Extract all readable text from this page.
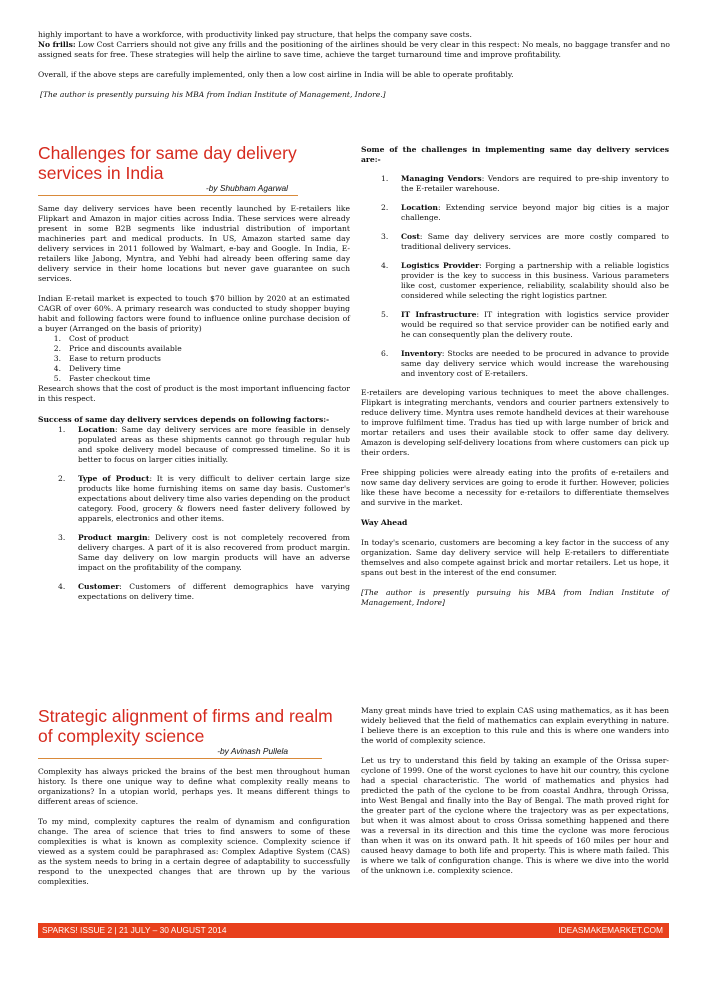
highly important to have a workforce, with productivity linked pay structure, that helps the company save costs.

No frills: Low Cost Carriers should not give any frills and the positioning of the airlines should be very clear in this respect: No meals, no baggage transfer and no assigned seats for free. These strategies will help the airline to save time, achieve the target turnaround time and improve profitability.

Overall, if the above steps are carefully implemented, only then a low cost airline in India will be able to operate profitably.

[The author is presently pursuing his MBA from Indian Institute of Management, Indore.]

Challenges for same day delivery services in India

-by Shubham Agarwal

Same day delivery services have been recently launched by E-retailers like Flipkart and Amazon in major cities across India. These services were already present in some B2B segments like industrial distribution of important machineries part and medical products. In US, Amazon started same day delivery services in 2011 followed by Walmart, e-bay and Google. In India, E-retailers like Jabong, Myntra, and Yebhi had already been offering same day delivery service in their home locations but never gave guarantee on such services.

Indian E-retail market is expected to touch $70 billion by 2020 at an estimated CAGR of over 60%. A primary research was conducted to study shopper buying habit and following factors were found to influence online purchase decision of a buyer (Arranged on the basis of priority)

1.	Cost of product
2.	Price and discounts available
3.	Ease to return products
4.	Delivery time
5.	Faster checkout time

Research shows that the cost of product is the most important influencing factor in this respect.

Success of same day delivery services depends on following factors:-

1.	Location: Same day delivery services are more feasible in densely populated areas as these shipments cannot go through regular hub and spoke delivery model because of compressed timeline. So it is better to focus on larger cities initially.
2.	Type of Product: It is very difficult to deliver certain large size products like home furnishing items on same day basis. Customer's expectations about delivery time also varies depending on the product category. Food, grocery & flowers need faster delivery followed by apparels, electronics and other items.
3.	Product margin: Delivery cost is not completely recovered from delivery charges. A part of it is also recovered from product margin. Same day delivery on low margin products will have an adverse impact on the profitability of the company.
4.	Customer: Customers of different demographics have varying expectations on delivery time.

Some of the challenges in implementing same day delivery services are:-

1.	Managing Vendors: Vendors are required to pre-ship inventory to the E-retailer warehouse.
2.	Location: Extending service beyond major big cities is a major challenge.
3.	Cost: Same day delivery services are more costly compared to traditional delivery services.
4.	Logistics Provider: Forging a partnership with a reliable logistics provider is the key to success in this business. Various parameters like cost, customer experience, reliability, scalability should also be considered while selecting the right logistics partner.
5.	IT Infrastructure: IT integration with logistics service provider would be required so that service provider can be notified early and he can consequently plan the delivery route.
6.	Inventory: Stocks are needed to be procured in advance to provide same day delivery service which would increase the warehousing and inventory cost of E-retailers.

E-retailers are developing various techniques to meet the above challenges. Flipkart is integrating merchants, vendors and courier partners extensively to reduce delivery time. Myntra uses remote handheld devices at their warehouse to improve fulfilment time. Tradus has tied up with large number of brick and mortar retailers and uses their available stock to offer same day delivery. Amazon is developing self-delivery locations from where customers can pick up their orders.

Free shipping policies were already eating into the profits of e-retailers and now same day delivery services are going to erode it further. However, policies like these have become a necessity for e-retailors to differentiate themselves and survive in the market.

Way Ahead

In today's scenario, customers are becoming a key factor in the success of any organization. Same day delivery service will help E-retailers to differentiate themselves and also compete against brick and mortar retailers. Let us hope, it spans out best in the interest of the end consumer.

[The author is presently pursuing his MBA from Indian Institute of Management, Indore]

Strategic alignment of firms and realm of complexity science

-by Avinash Pullela

Complexity has always pricked the brains of the best men throughout human history. Is there one unique way to define what complexity really means to organizations? In a utopian world, perhaps yes. It means different things to different areas of science.

To my mind, complexity captures the realm of dynamism and configuration change. The area of science that tries to find answers to some of these complexities is what is known as complexity science. Complexity science if viewed as a system could be paraphrased as: Complex Adaptive System (CAS) as the system needs to bring in a certain degree of adaptability to successfully respond to the unexpected changes that are thrown up by the various complexities.

Many great minds have tried to explain CAS using mathematics, as it has been widely believed that the field of mathematics can explain everything in nature. I believe there is an exception to this rule and this is where one wanders into the world of complexity science.

Let us try to understand this field by taking an example of the Orissa super-cyclone of 1999. One of the worst cyclones to have hit our country, this cyclone had a special characteristic. The world of mathematics and physics had predicted the path of the cyclone to be from coastal Andhra, through Orissa, into West Bengal and finally into the Bay of Bengal. The math proved right for the greater part of the cyclone where the trajectory was as per expectations, but when it was almost about to cross Orissa something happened and there was a reversal in its direction and this time the cyclone was more ferocious than when it was on its onward path. It hit speeds of 160 miles per hour and caused heavy damage to both life and property. This is where math failed. This is where we talk of configuration change. This is where we dive into the world of the unknown i.e. complexity science.

SPARKS! ISSUE 2 | 21 JULY – 30 AUGUST 2014	IDEASMAKEMARKET.COM
